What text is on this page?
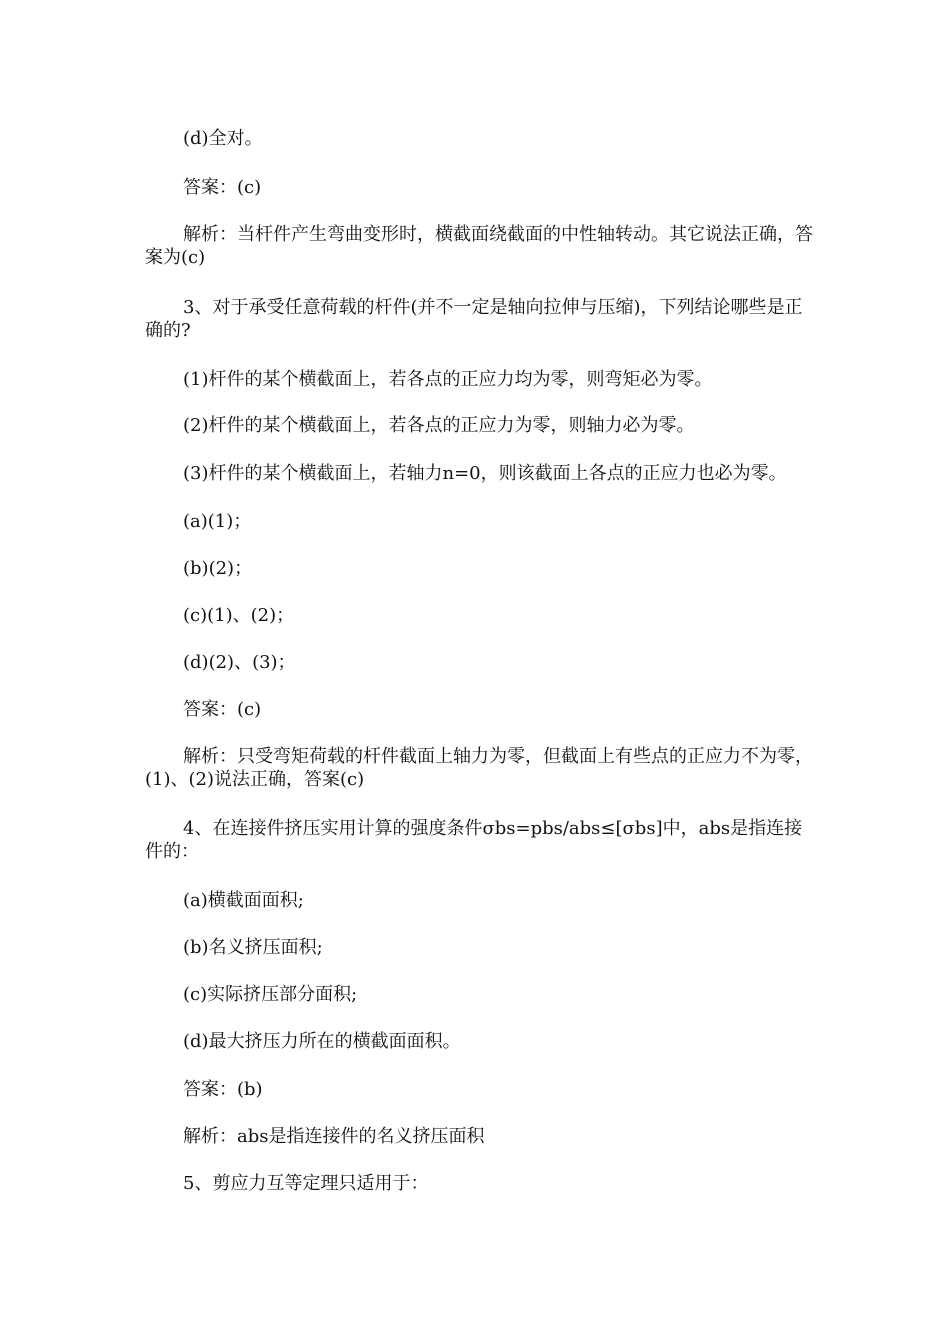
(d)全对。
答案：(c)
解析：当杆件产生弯曲变形时，横截面绕截面的中性轴转动。其它说法正确，答案为(c)
3、对于承受任意荷载的杆件(并不一定是轴向拉伸与压缩)，下列结论哪些是正确的?
(1)杆件的某个横截面上，若各点的正应力均为零，则弯矩必为零。
(2)杆件的某个横截面上，若各点的正应力为零，则轴力必为零。
(3)杆件的某个横截面上，若轴力n=0，则该截面上各点的正应力也必为零。
(a)(1)；
(b)(2)；
(c)(1)、(2)；
(d)(2)、(3)；
答案：(c)
解析：只受弯矩荷载的杆件截面上轴力为零，但截面上有些点的正应力不为零，(1)、(2)说法正确，答案(c)
4、在连接件挤压实用计算的强度条件σbs=pbs/abs≤[σbs]中，abs是指连接件的：
(a)横截面面积;
(b)名义挤压面积;
(c)实际挤压部分面积;
(d)最大挤压力所在的横截面面积。
答案：(b)
解析：abs是指连接件的名义挤压面积
5、剪应力互等定理只适用于：
